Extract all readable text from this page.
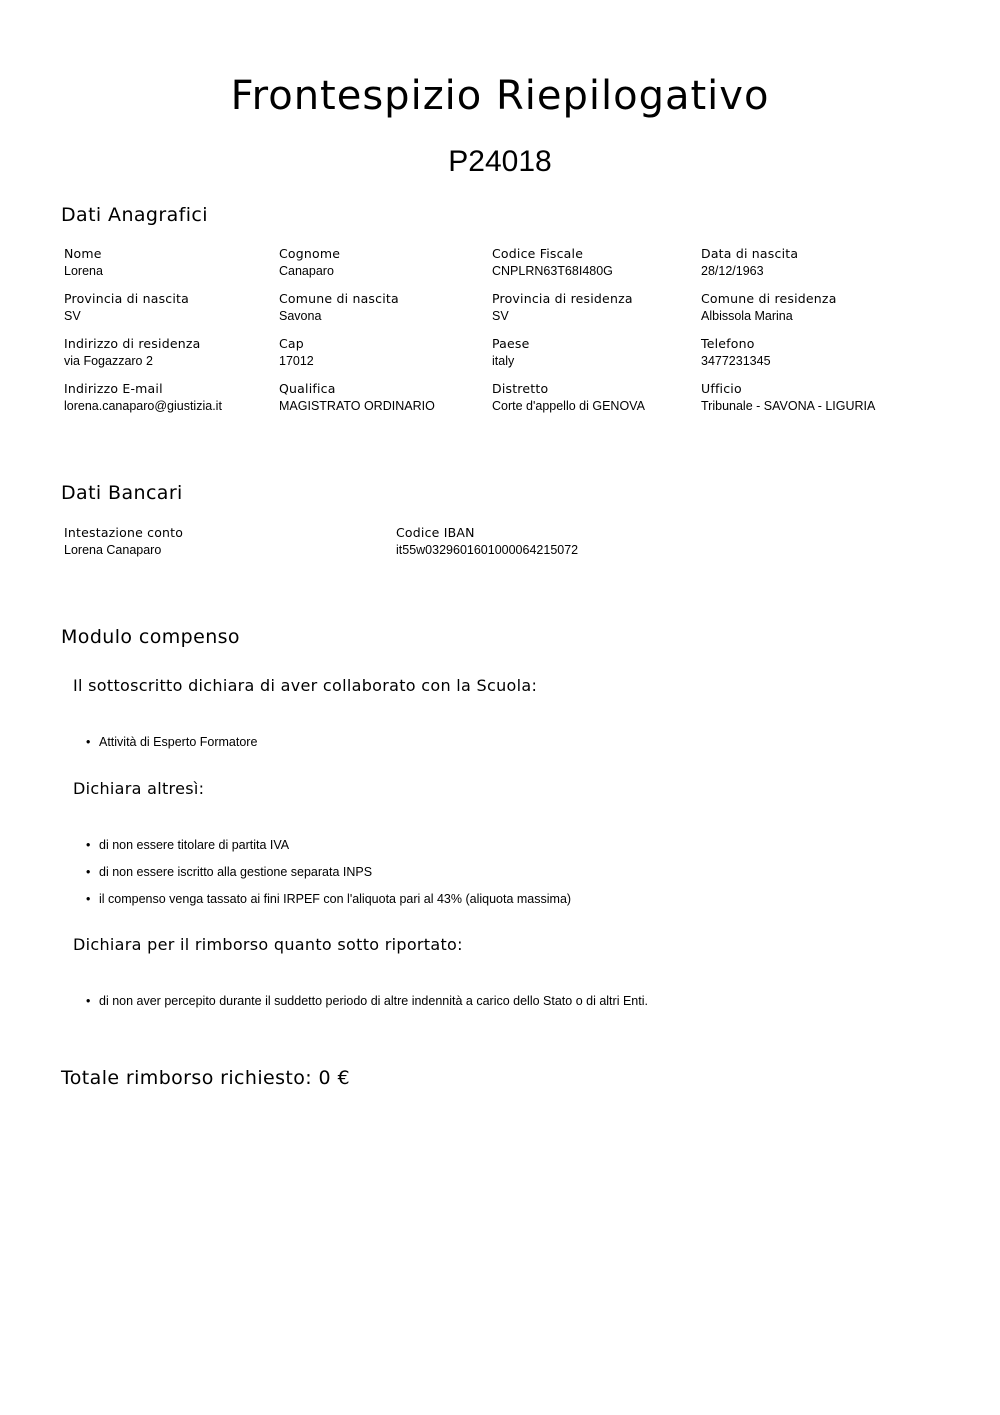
Frontespizio Riepilogativo
P24018
Dati Anagrafici
Nome
Lorena
Cognome
Canaparo
Codice Fiscale
CNPLRN63T68I480G
Data di nascita
28/12/1963
Provincia di nascita
SV
Comune di nascita
Savona
Provincia di residenza
SV
Comune di residenza
Albissola Marina
Indirizzo di residenza
via Fogazzaro 2
Cap
17012
Paese
italy
Telefono
3477231345
Indirizzo E-mail
lorena.canaparo@giustizia.it
Qualifica
MAGISTRATO ORDINARIO
Distretto
Corte d'appello di GENOVA
Ufficio
Tribunale - SAVONA - LIGURIA
Dati Bancari
Intestazione conto
Lorena Canaparo
Codice IBAN
it55w0329601601000064215072
Modulo compenso
Il sottoscritto dichiara di aver collaborato con la Scuola:
• Attività di Esperto Formatore
Dichiara altresì:
• di non essere titolare di partita IVA
• di non essere iscritto alla gestione separata INPS
• il compenso venga tassato ai fini IRPEF con l'aliquota pari al 43% (aliquota massima)
Dichiara per il rimborso quanto sotto riportato:
• di non aver percepito durante il suddetto periodo di altre indennità a carico dello Stato o di altri Enti.
Totale rimborso richiesto: 0 €
